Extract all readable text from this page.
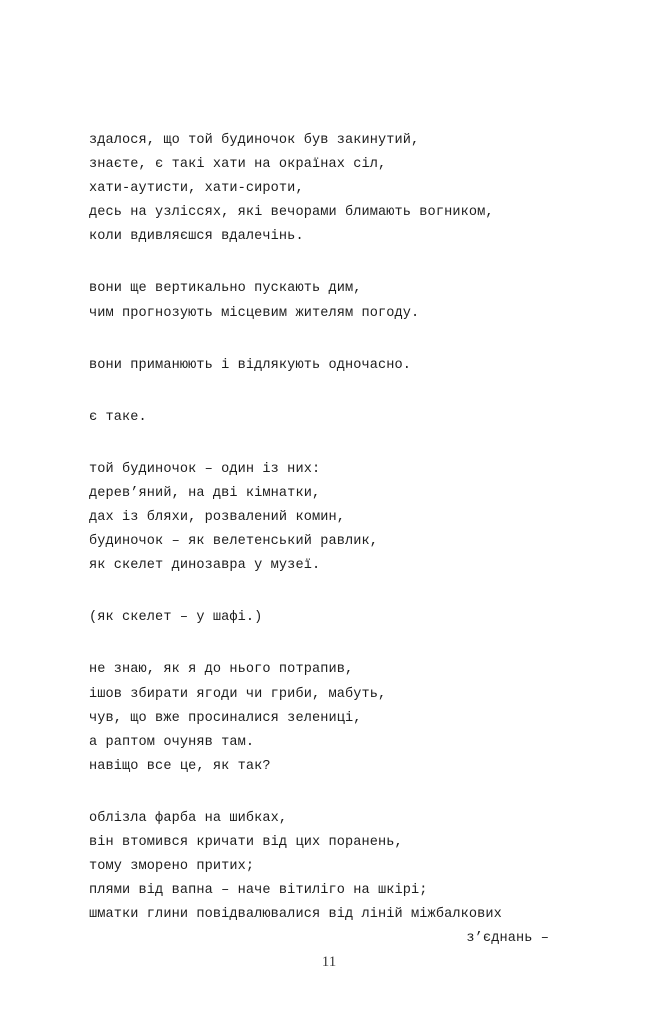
здалося, що той будиночок був закинутий,
знаєте, є такі хати на окраїнах сіл,
хати-аутисти, хати-сироти,
десь на узліссях, які вечорами блимають вогником,
коли вдивляєшся вдалечінь.
вони ще вертикально пускають дим,
чим прогнозують місцевим жителям погоду.
вони приманюють і відлякують одночасно.
є таке.
той будиночок – один із них:
дерев’яний, на дві кімнатки,
дах із бляхи, розвалений комин,
будиночок – як велетенський равлик,
як скелет динозавра у музеї.
(як скелет – у шафі.)
не знаю, як я до нього потрапив,
ішов збирати ягоди чи гриби, мабуть,
чув, що вже просиналися зелениці,
а раптом очуняв там.
навіщо все це, як так?
облізла фарба на шибках,
він втомився кричати від цих поранень,
тому зморено притих;
плями від вапна – наче вітиліго на шкірі;
шматки глини повідвалювалися від ліній міжбалкових
з’єднань –
11
